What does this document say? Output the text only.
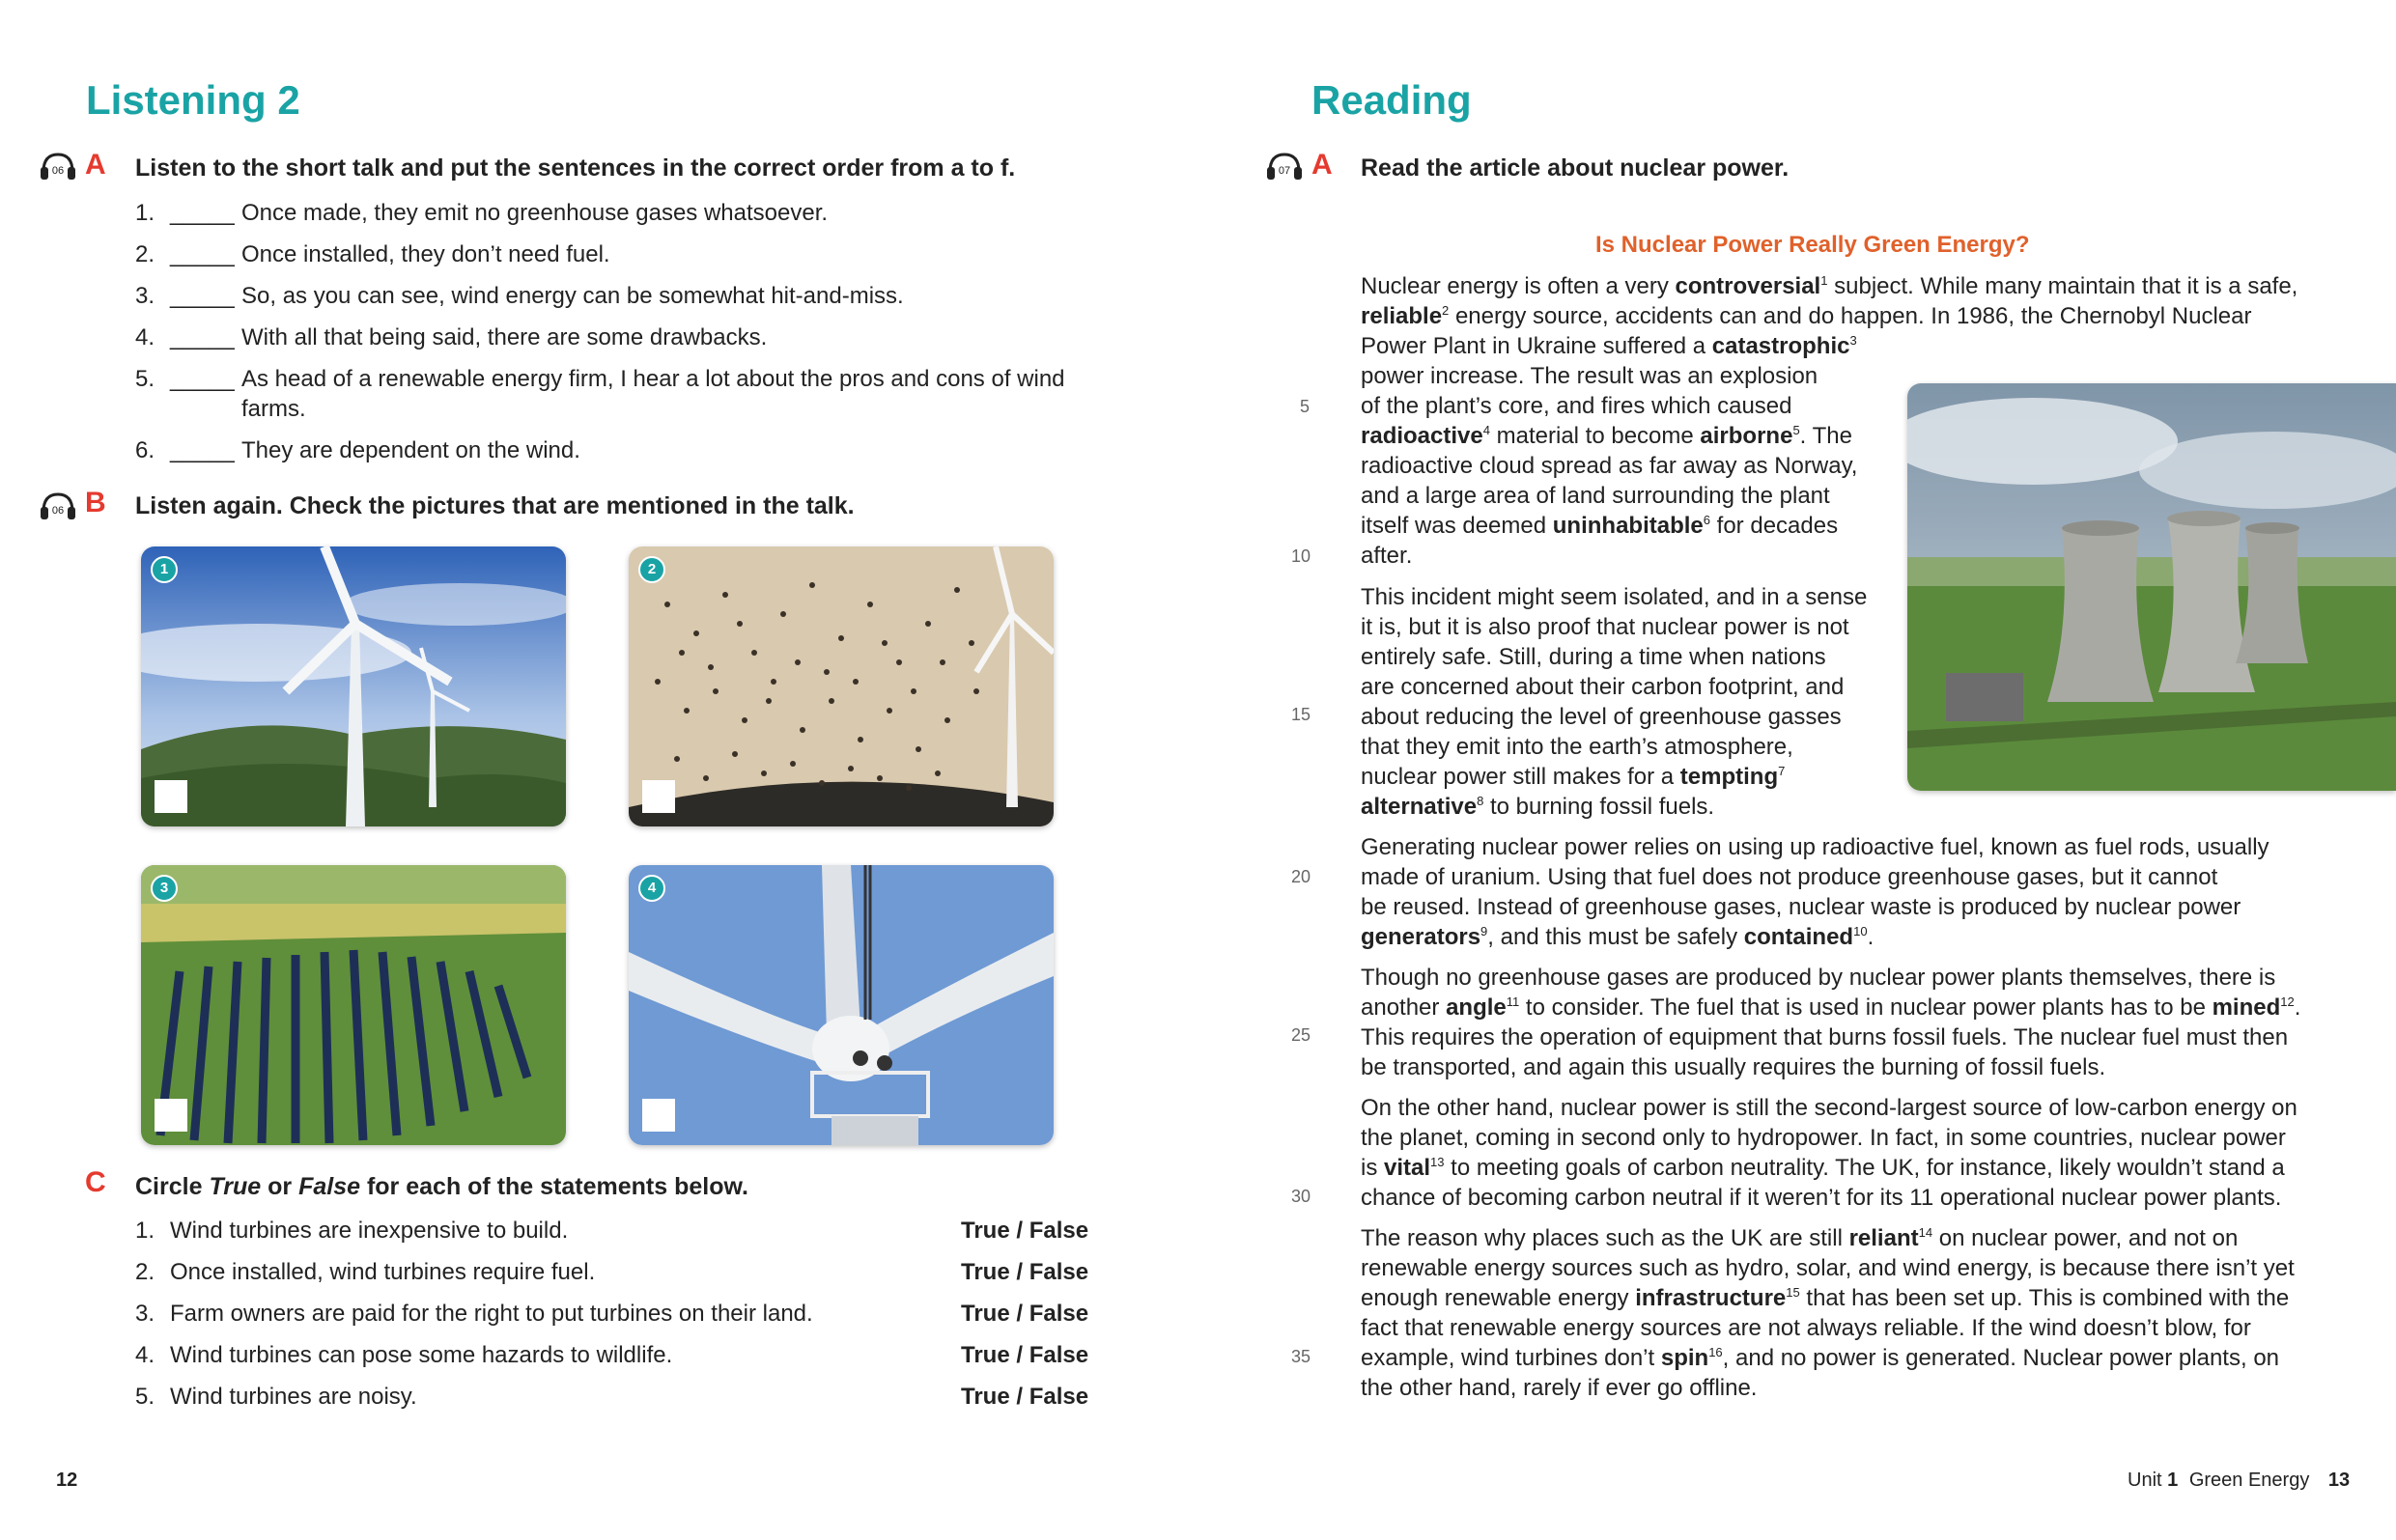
Listening 2
06 A Listen to the short talk and put the sentences in the correct order from a to f.
1. _____ Once made, they emit no greenhouse gases whatsoever.
2. _____ Once installed, they don’t need fuel.
3. _____ So, as you can see, wind energy can be somewhat hit-and-miss.
4. _____ With all that being said, there are some drawbacks.
5. _____ As head of a renewable energy firm, I hear a lot about the pros and cons of wind
farms.
6. _____ They are dependent on the wind.
06 B Listen again. Check the pictures that are mentioned in the talk.
1	2
3	4
C Circle True or False for each of the statements below.
1. Wind turbines are inexpensive to build.	True / False
2. Once installed, wind turbines require fuel.	True / False
3. Farm owners are paid for the right to put turbines on their land.	True / False
4. Wind turbines can pose some hazards to wildlife.	True / False
5. Wind turbines are noisy.	True / False
12
Reading
07 A Read the article about nuclear power.
Is Nuclear Power Really Green Energy?
Nuclear energy is often a very controversial$^1$ subject. While many maintain that it is a safe,
reliable$^2$ energy source, accidents can and do happen. In 1986, the Chernobyl Nuclear
Power Plant in Ukraine suffered a catastrophic$^3$
power increase. The result was an explosion
of the plant’s core, and fires which caused
radioactive$^4$ material to become airborne$^5$. The
radioactive cloud spread as far away as Norway,
and a large area of land surrounding the plant
itself was deemed uninhabitable$^6$ for decades
after.
This incident might seem isolated, and in a sense
it is, but it is also proof that nuclear power is not
entirely safe. Still, during a time when nations
are concerned about their carbon footprint, and
about reducing the level of greenhouse gasses
that they emit into the earth’s atmosphere,
nuclear power still makes for a tempting$^7$
alternative$^8$ to burning fossil fuels.
Generating nuclear power relies on using up radioactive fuel, known as fuel rods, usually
made of uranium. Using that fuel does not produce greenhouse gases, but it cannot
be reused. Instead of greenhouse gases, nuclear waste is produced by nuclear power
generators$^9$, and this must be safely contained$^{10}$.
Though no greenhouse gases are produced by nuclear power plants themselves, there is
another angle$^{11}$ to consider. The fuel that is used in nuclear power plants has to be mined$^{12}$.
This requires the operation of equipment that burns fossil fuels. The nuclear fuel must then
be transported, and again this usually requires the burning of fossil fuels.
On the other hand, nuclear power is still the second-largest source of low-carbon energy on
the planet, coming in second only to hydropower. In fact, in some countries, nuclear power
is vital$^{13}$ to meeting goals of carbon neutrality. The UK, for instance, likely wouldn’t stand a
chance of becoming carbon neutral if it weren’t for its 11 operational nuclear power plants.
The reason why places such as the UK are still reliant$^{14}$ on nuclear power, and not on
renewable energy sources such as hydro, solar, and wind energy, is because there isn’t yet
enough renewable energy infrastructure$^{15}$ that has been set up. This is combined with the
fact that renewable energy sources are not always reliable. If the wind doesn’t blow, for
example, wind turbines don’t spin$^{16}$, and no power is generated. Nuclear power plants, on
the other hand, rarely if ever go offline.
5
10
15
20
25
30
35
Unit 1 Green Energy 13
